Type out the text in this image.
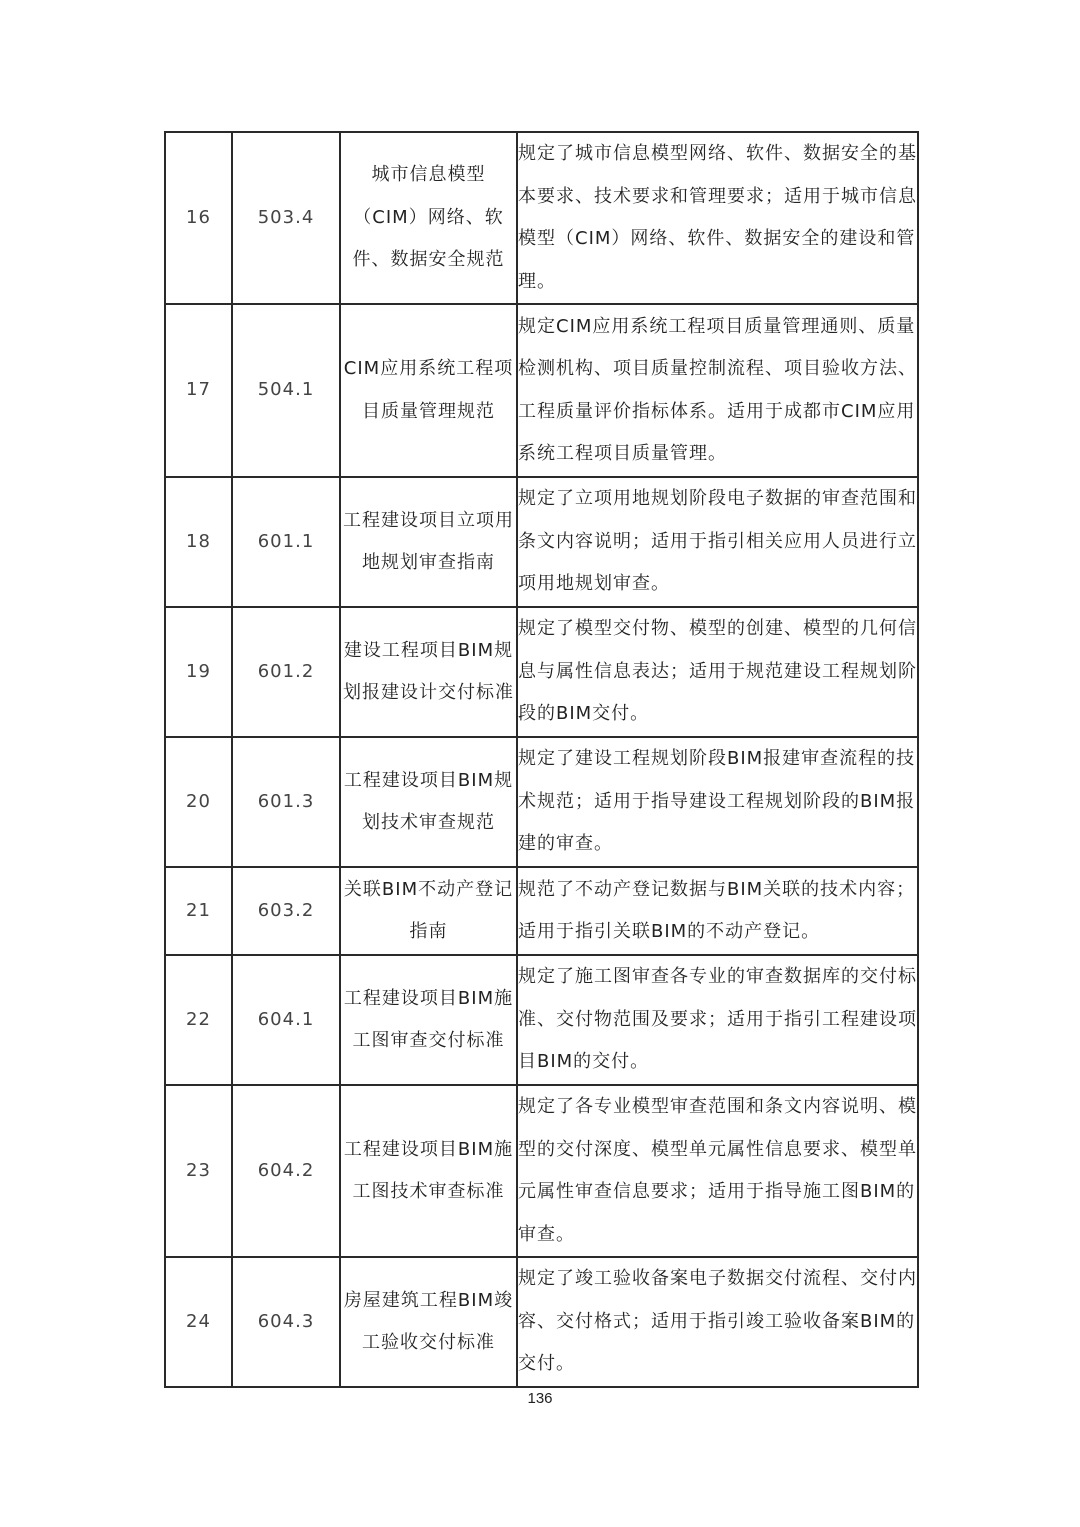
16	503.4	城市信息模型（CIM）网络、软件、数据安全规范	规定了城市信息模型网络、软件、数据安全的基本要求、技术要求和管理要求；适用于城市信息模型（CIM）网络、软件、数据安全的建设和管理。
17	504.1	CIM应用系统工程项目质量管理规范	规定CIM应用系统工程项目质量管理通则、质量检测机构、项目质量控制流程、项目验收方法、工程质量评价指标体系。适用于成都市CIM应用系统工程项目质量管理。
18	601.1	工程建设项目立项用地规划审查指南	规定了立项用地规划阶段电子数据的审查范围和条文内容说明；适用于指引相关应用人员进行立项用地规划审查。
19	601.2	建设工程项目BIM规划报建设计交付标准	规定了模型交付物、模型的创建、模型的几何信息与属性信息表达；适用于规范建设工程规划阶段的BIM交付。
20	601.3	工程建设项目BIM规划技术审查规范	规定了建设工程规划阶段BIM报建审查流程的技术规范；适用于指导建设工程规划阶段的BIM报建的审查。
21	603.2	关联BIM不动产登记指南	规范了不动产登记数据与BIM关联的技术内容；适用于指引关联BIM的不动产登记。
22	604.1	工程建设项目BIM施工图审查交付标准	规定了施工图审查各专业的审查数据库的交付标准、交付物范围及要求；适用于指引工程建设项目BIM的交付。
23	604.2	工程建设项目BIM施工图技术审查标准	规定了各专业模型审查范围和条文内容说明、模型的交付深度、模型单元属性信息要求、模型单元属性审查信息要求；适用于指导施工图BIM的审查。
24	604.3	房屋建筑工程BIM竣工验收交付标准	规定了竣工验收备案电子数据交付流程、交付内容、交付格式；适用于指引竣工验收备案BIM的交付。
136
